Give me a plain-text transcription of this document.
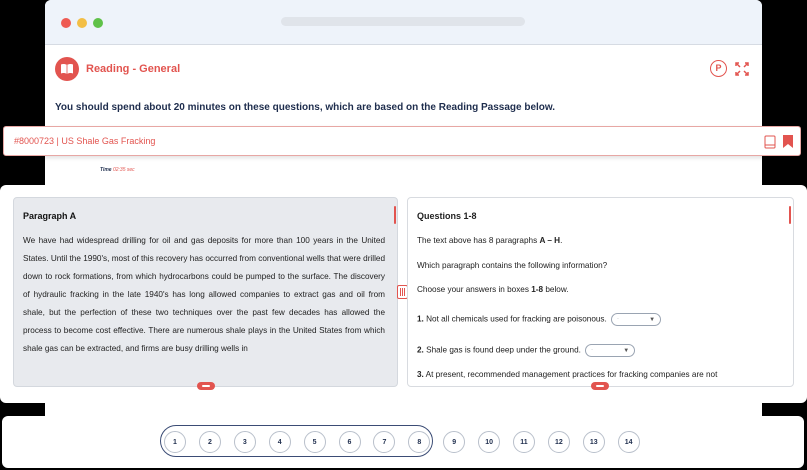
Reading - General	P
You should spend about 20 minutes on these questions, which are based on the Reading Passage below.
Time 02:35 sec
#8000723 | US Shale Gas Fracking
Paragraph A

We have had widespread drilling for oil and gas deposits for more than 100 years in the United States. Until the 1990's, most of this recovery has occurred from conventional wells that were drilled down to rock formations, from which hydrocarbons could be pumped to the surface. The discovery of hydraulic fracking in the late 1940's has long allowed companies to extract gas and oil from shale, but the perfection of these two techniques over the past few decades has allowed the process to become cost effective. There are numerous shale plays in the United States from which shale gas can be extracted, and firms are busy drilling wells in

Questions 1-8
The text above has 8 paragraphs A – H.
Which paragraph contains the following information?
Choose your answers in boxes 1-8 below.
1. Not all chemicals used for fracking are poisonous. -	▼
2. Shale gas is found deep under the ground. -	▼
3. At present, recommended management practices for fracking companies are not
1	2	3	4	5	6	7	8	9	10	11	12	13	14
